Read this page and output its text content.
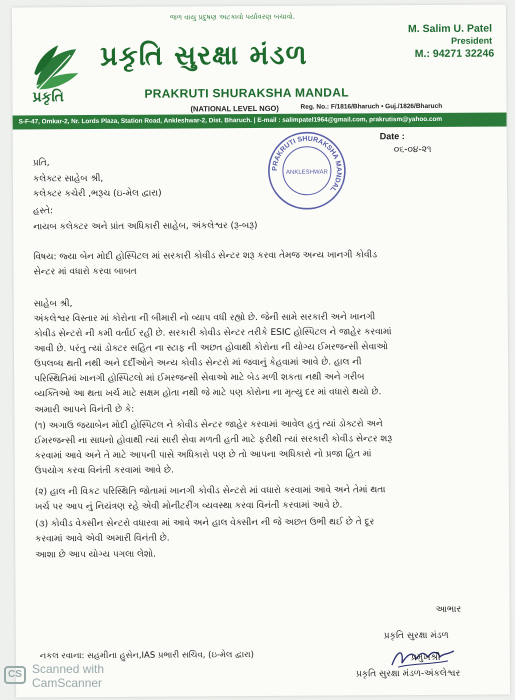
જળ વાયુ પ્રદુષણ અટકાવો પર્યાવરણ બચાવો.
M. Salim U. Patel
President
M.: 94271 32246
પ્રકૃતિ
પ્રકૃતિ સુરક્ષા મંડળ
PRAKRUTI SHURAKSHA MANDAL
(NATIONAL LEVEL NGO)	Reg. No.: F/1816/Bharuch • Guj./1826/Bharuch
S-F-47, Omkar-2, Nr. Lords Plaza, Station Road, Ankleshwar-2, Dist. Bharuch. | E-mail : salimpatel1964@gmail.com, prakrutism@yahoo.com
Date :
૦૬-૦૪-૨૧
PRAKRUTI SHURAKSHA MANDAL
ANKLESHWAR
પ્રતિ,
કલેક્ટર સાહેબ શ્રી,
કલેક્ટર કચેરી ,ભરૂચ (ઇ-મેલ દ્વારા)
હસ્તે:
નાયબ કલેક્ટર અને પ્રાંત અધિકારી સાહેબ, અંકલેશ્વર (રૂ-બરૂ)
વિષય: જ્યા બેન મોદી હોસ્પિટલ માં સરકારી કોવીડ સેન્ટર શરૂ કરવા તેમજ અન્ય ખાનગી કોવીડ
સેન્ટર માં વધારો કરવા બાબત
સાહેબ શ્રી,
અંકલેશ્વર વિસ્તાર માં કોરોના ની બીમારી નો વ્યાપ વધી રહ્યો છે. જેની સામે સરકારી અને ખાનગી
કોવીડ સેન્ટરો ની કમી વર્તાઈ રહી છે. સરકારી કોવીડ સેન્ટર તરીકે ESIC હોસ્પિટલ ને જાહેર કરવામાં
આવી છે. પરંતુ ત્યાં ડોક્ટર સહિત ના સ્ટાફ ની અછત હોવાથી કોરોના ની યોગ્ય ઈમરજન્સી સેવાઓ
ઉપલબ્ધ થતી નથી અને દર્દીઓને અન્ય કોવીડ સેન્ટરો માં જવાનું કેહવામાં આવે છે. હાલ ની
પરિસ્થિતિમાં ખાનગી હોસ્પિટલો માં ઈમરજન્સી સેવાઓ માટે બેડ મળી શકતા નથી અને ગરીબ
વ્યક્તિઓ આ થતા ખર્ચ માટે સક્ષમ હોતા નથી જે માટે પણ કોરોના ના મૃત્યુ દર માં વધારો થયો છે.
અમારી આપને વિનંતી છે કે:
(૧) અગાઉ જયાબેન મોદી હોસ્પિટલ ને કોવીડ સેન્ટર જાહેર કરવામાં આવેલ હતું ત્યાં ડોક્ટરો અને
ઈમરજન્સી ના સાધનો હોવાથી ત્યાં સારી સેવા મળતી હતી માટે ફરીથી ત્યાં સરકારી કોવીડ સેન્ટર શરૂ
કરવામાં આવે અને તે માટે આપની પાસે અધિકારો પણ છે તો આપના અધિકારો નો પ્રજા હિત માં
ઉપયોગ કરવા વિનંતી કરવામાં આવે છે.
(૨) હાલ ની વિકટ પરિસ્થિતિ જોતામાં ખાનગી કોવીડ સેન્ટરો માં વધારો કરવામાં આવે અને તેમાં થતા
ખર્ચ પર આપ નું નિયંત્રણ રહે એવી મોનીટરીંગ વ્યવસ્થા કરવા વિનંતી કરવામાં આવે છે.
(૩) કોવીડ વેક્સીન સેન્ટરો વધારવા માં આવે અને હાલ વેક્સીન ની જે અછત ઉભી થઈ છે તે દૂર
કરવામાં આવે એવી અમારી વિનંતી છે.
આશા છે આપ યોગ્ય પગલા લેશો.
આભાર
પ્રકૃતિ સુરક્ષા મંડળ
પ્રમુખશ્રી
પ્રકૃતિ સુરક્ષા મંડળ-અંકલેશ્વર
નકલ રવાના: સહમીના હુસેન,IAS પ્રભારી સચિવ, (ઇ-મેલ દ્વારા)
CS Scanned with
CamScanner
